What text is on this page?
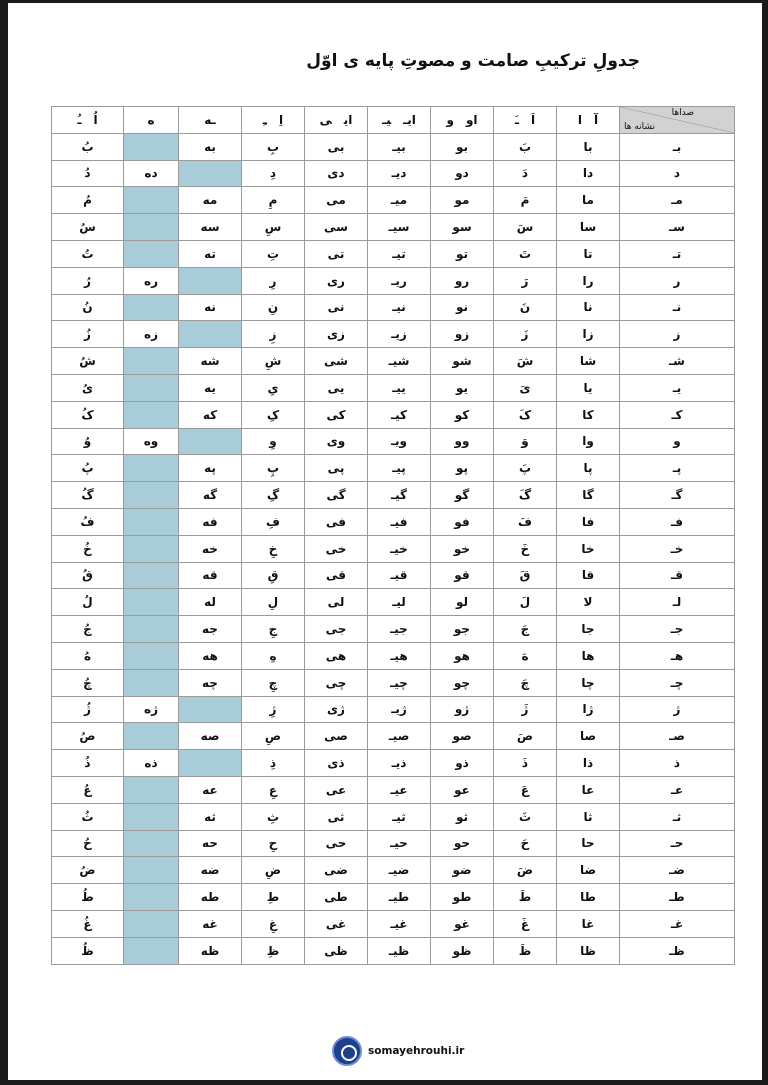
جدولِ ترکیبِ صامت و مصوتِ پایه ی اوّل
صداها
نشانه ها	آا	اَـَ	اوو	ایـیـ	ایی	اِـِ	ـه	ه	اُـُ
بـ	با	بَ	بو	بیـ	بی	بِ	به		بُ
د	دا	دَ	دو	دیـ	دی	دِ		ده	دُ
مـ	ما	مَ	مو	میـ	می	مِ	مه		مُ
سـ	سا	سَ	سو	سیـ	سی	سِ	سه		سُ
تـ	تا	تَ	تو	تیـ	تی	تِ	ته		تُ
ر	را	رَ	رو	ریـ	ری	رِ		ره	رُ
نـ	نا	نَ	نو	نیـ	نی	نِ	نه		نُ
ز	زا	زَ	زو	زیـ	زی	زِ		زه	زُ
شـ	شا	شَ	شو	شیـ	شی	شِ	شه		شُ
یـ	یا	یَ	یو	ییـ	یی	یِ	یه		یُ
کـ	کا	کَ	کو	کیـ	کی	کِ	که		کُ
و	وا	وَ	وو	ویـ	وی	وِ		وه	وُ
پـ	پا	پَ	پو	پیـ	پی	پِ	په		پُ
گـ	گا	گَ	گو	گیـ	گی	گِ	گه		گُ
فـ	فا	فَ	فو	فیـ	فی	فِ	فه		فُ
خـ	خا	خَ	خو	خیـ	خی	خِ	خه		خُ
قـ	قا	قَ	قو	قیـ	قی	قِ	قه		قُ
لـ	لا	لَ	لو	لیـ	لی	لِ	له		لُ
جـ	جا	جَ	جو	جیـ	جی	جِ	جه		جُ
هـ	ها	هَ	هو	هیـ	هی	هِ	هه		هُ
چـ	چا	چَ	چو	چیـ	چی	چِ	چه		چُ
ژ	ژا	ژَ	ژو	ژیـ	ژی	ژِ		ژه	ژُ
صـ	صا	صَ	صو	صیـ	صی	صِ	صه		صُ
ذ	ذا	ذَ	ذو	ذیـ	ذی	ذِ		ذه	ذُ
عـ	عا	عَ	عو	عیـ	عی	عِ	عه		عُ
ثـ	ثا	ثَ	ثو	ثیـ	ثی	ثِ	ثه		ثُ
حـ	حا	حَ	حو	حیـ	حی	حِ	حه		حُ
ضـ	ضا	ضَ	ضو	ضیـ	ضی	ضِ	ضه		ضُ
طـ	طا	طَ	طو	طیـ	طی	طِ	طه		طُ
غـ	غا	غَ	غو	غیـ	غی	غِ	غه		غُ
ظـ	ظا	ظَ	ظو	ظیـ	ظی	ظِ	ظه		ظُ
somayehrouhi.ir
